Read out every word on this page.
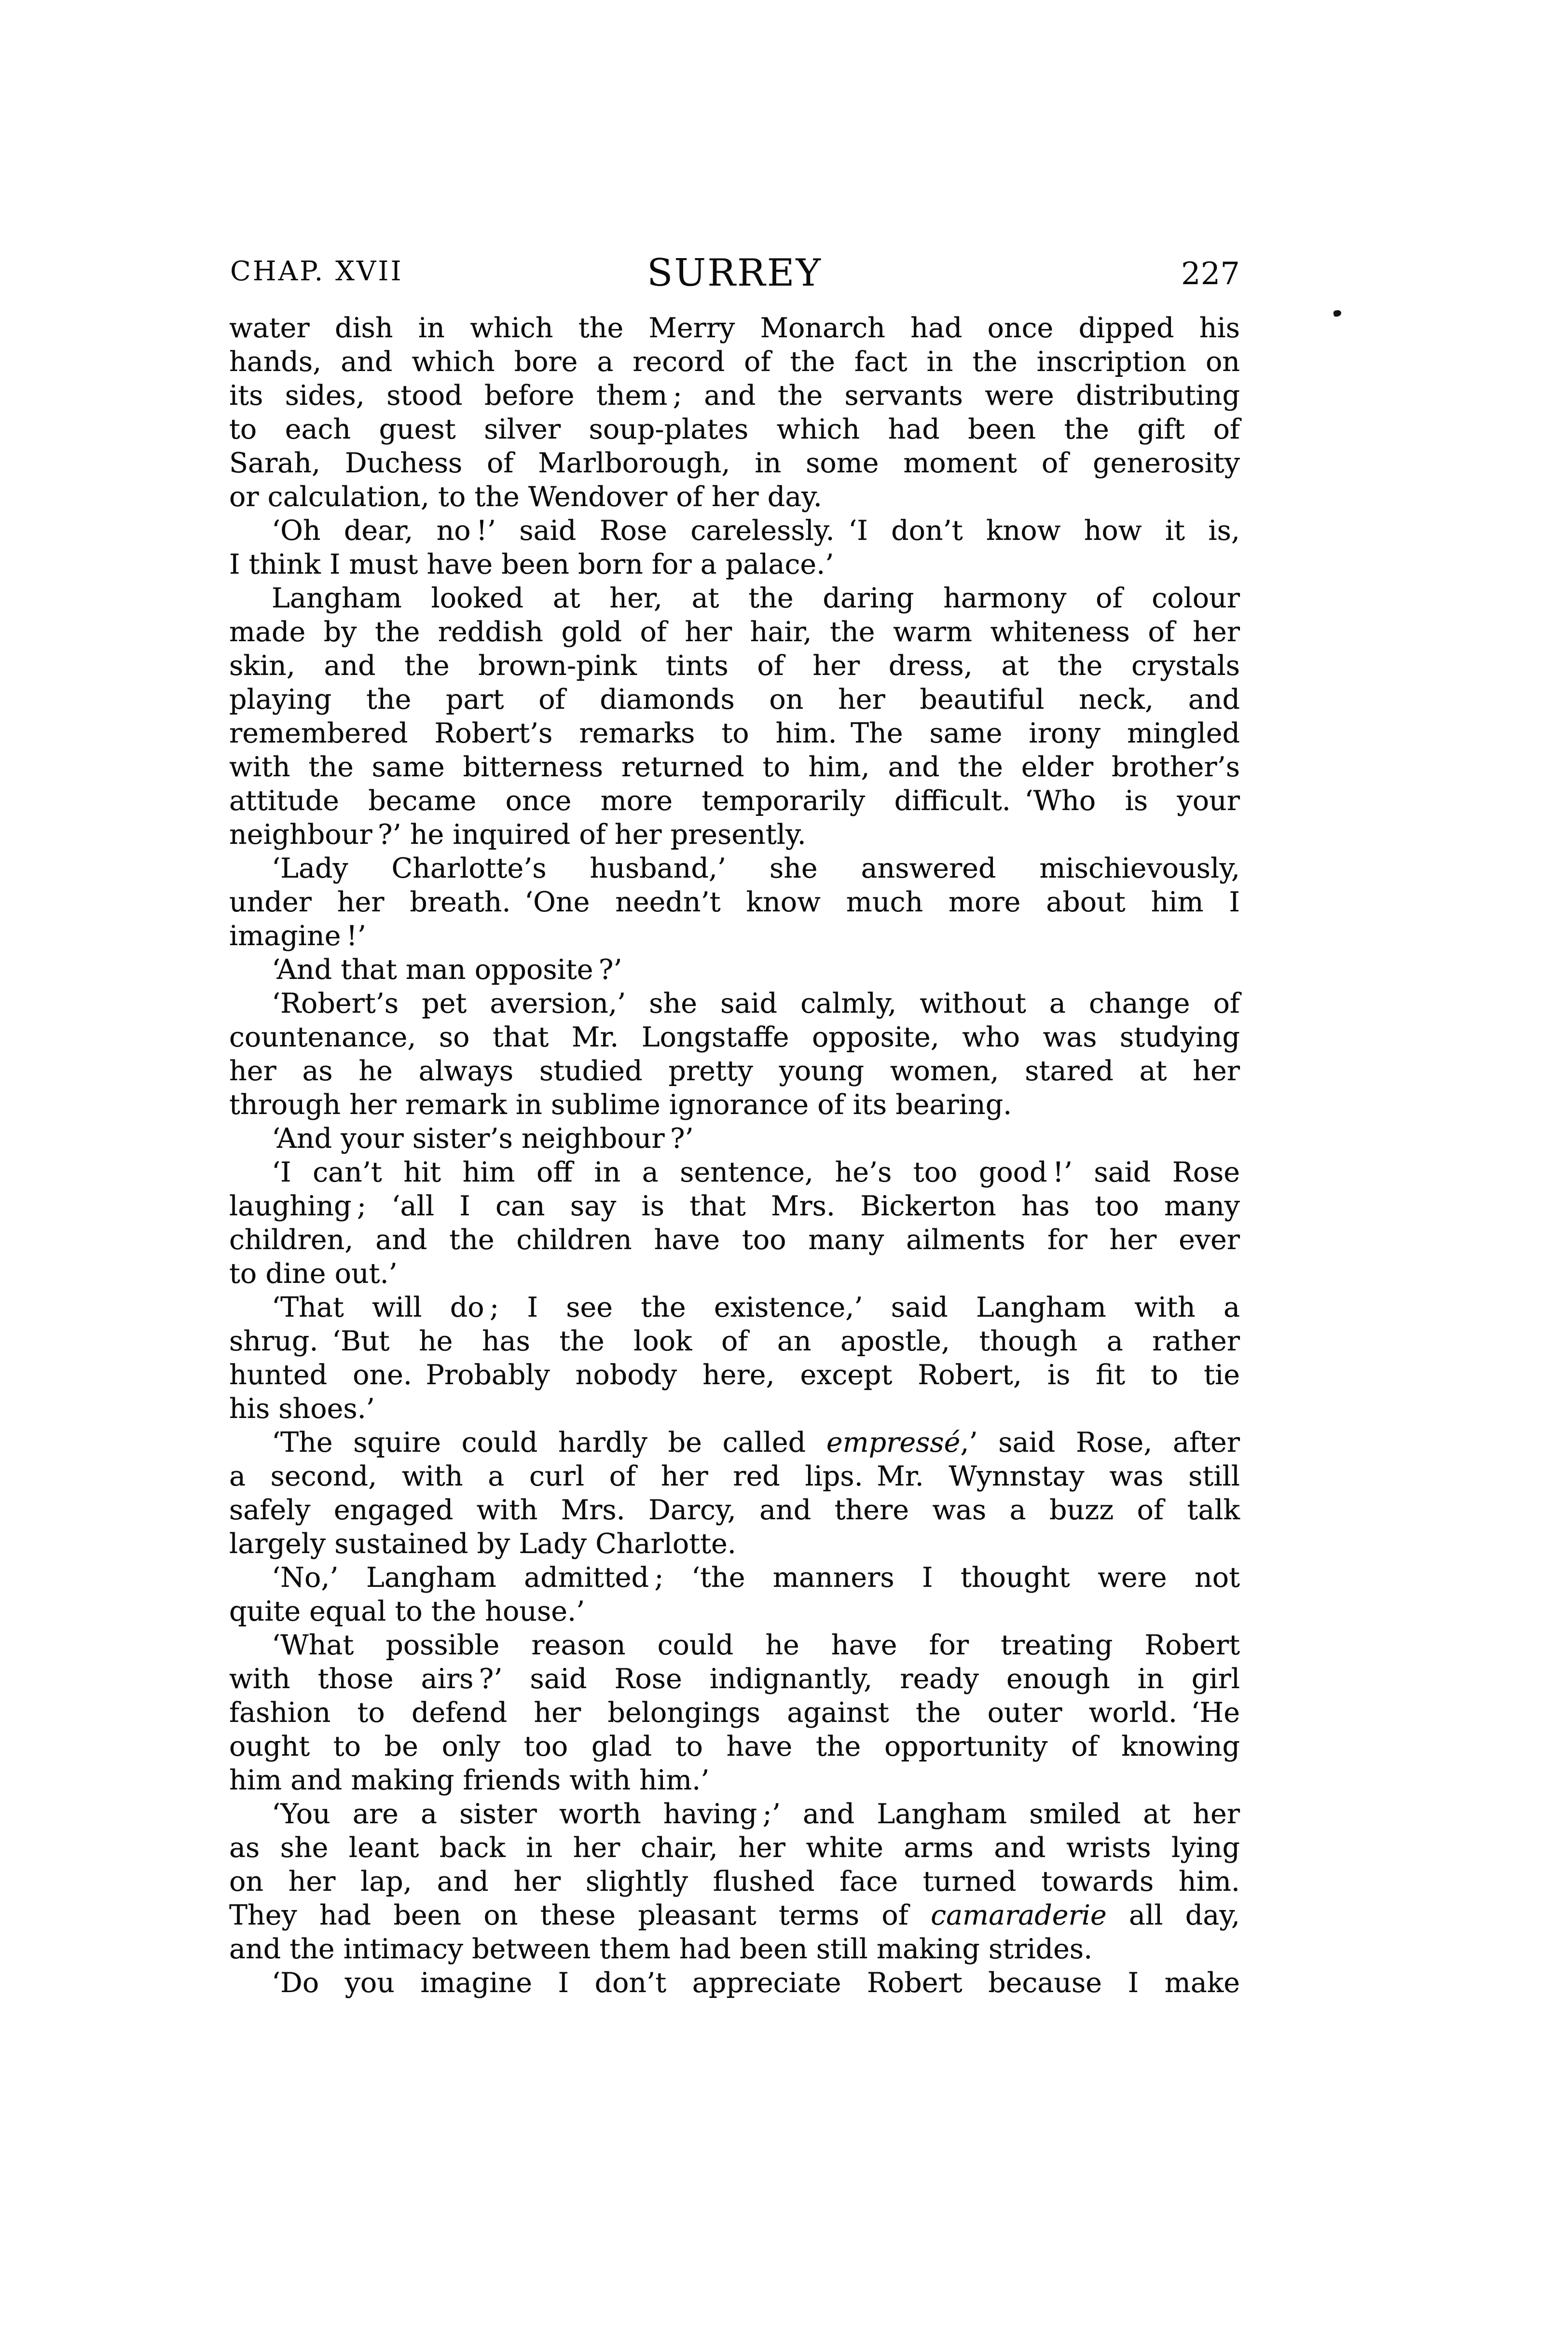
CHAP. XVII	SURREY	227
water dish in which the Merry Monarch had once dipped his
hands, and which bore a record of the fact in the inscription on
its sides, stood before them ; and the servants were distributing
to each guest silver soup-plates which had been the gift of
Sarah, Duchess of Marlborough, in some moment of generosity
or calculation, to the Wendover of her day.
‘Oh dear, no !’ said Rose carelessly. ‘I don’t know how it is,
I think I must have been born for a palace.’
Langham looked at her, at the daring harmony of colour
made by the reddish gold of her hair, the warm whiteness of her
skin, and the brown-pink tints of her dress, at the crystals
playing the part of diamonds on her beautiful neck, and
remembered Robert’s remarks to him. The same irony mingled
with the same bitterness returned to him, and the elder brother’s
attitude became once more temporarily difficult. ‘Who is your
neighbour ?’ he inquired of her presently.
‘Lady Charlotte’s husband,’ she answered mischievously,
under her breath. ‘One needn’t know much more about him I
imagine !’
‘And that man opposite ?’
‘Robert’s pet aversion,’ she said calmly, without a change of
countenance, so that Mr. Longstaffe opposite, who was studying
her as he always studied pretty young women, stared at her
through her remark in sublime ignorance of its bearing.
‘And your sister’s neighbour ?’
‘I can’t hit him off in a sentence, he’s too good !’ said Rose
laughing ; ‘all I can say is that Mrs. Bickerton has too many
children, and the children have too many ailments for her ever
to dine out.’
‘That will do ; I see the existence,’ said Langham with a
shrug. ‘But he has the look of an apostle, though a rather
hunted one. Probably nobody here, except Robert, is fit to tie
his shoes.’
‘The squire could hardly be called empressé,’ said Rose, after
a second, with a curl of her red lips. Mr. Wynnstay was still
safely engaged with Mrs. Darcy, and there was a buzz of talk
largely sustained by Lady Charlotte.
‘No,’ Langham admitted ; ‘the manners I thought were not
quite equal to the house.’
‘What possible reason could he have for treating Robert
with those airs ?’ said Rose indignantly, ready enough in girl
fashion to defend her belongings against the outer world. ‘He
ought to be only too glad to have the opportunity of knowing
him and making friends with him.’
‘You are a sister worth having ;’ and Langham smiled at her
as she leant back in her chair, her white arms and wrists lying
on her lap, and her slightly flushed face turned towards him.
They had been on these pleasant terms of camaraderie all day,
and the intimacy between them had been still making strides.
‘Do you imagine I don’t appreciate Robert because I make
